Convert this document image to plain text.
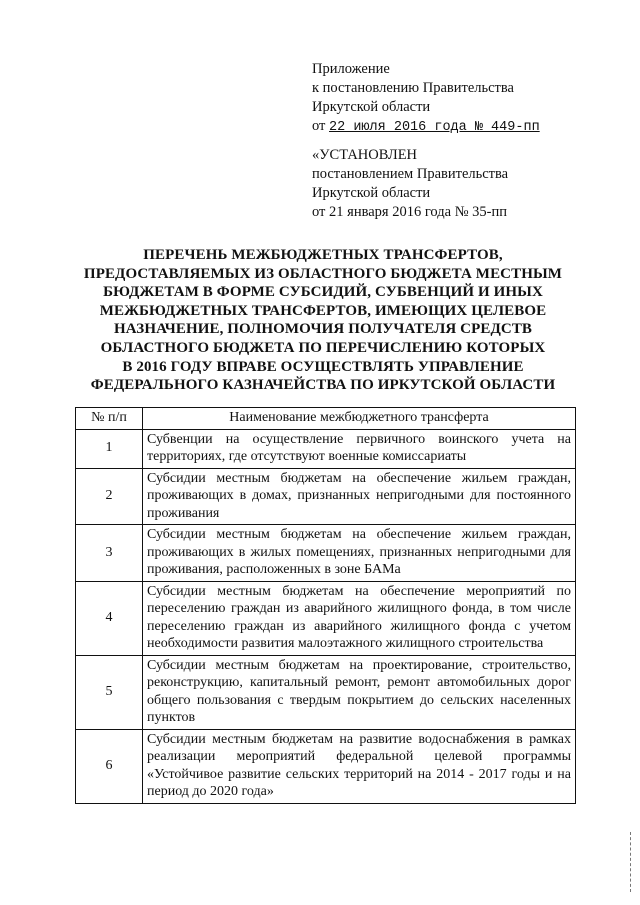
Приложение
к постановлению Правительства
Иркутской области
от 22 июля 2016 года № 449-пп
«УСТАНОВЛЕН
постановлением Правительства
Иркутской области
от 21 января 2016 года № 35-пп
ПЕРЕЧЕНЬ МЕЖБЮДЖЕТНЫХ ТРАНСФЕРТОВ,
ПРЕДОСТАВЛЯЕМЫХ ИЗ ОБЛАСТНОГО БЮДЖЕТА МЕСТНЫМ
БЮДЖЕТАМ В ФОРМЕ СУБСИДИЙ, СУБВЕНЦИЙ И ИНЫХ
МЕЖБЮДЖЕТНЫХ ТРАНСФЕРТОВ, ИМЕЮЩИХ ЦЕЛЕВОЕ
НАЗНАЧЕНИЕ, ПОЛНОМОЧИЯ ПОЛУЧАТЕЛЯ СРЕДСТВ
ОБЛАСТНОГО БЮДЖЕТА ПО ПЕРЕЧИСЛЕНИЮ КОТОРЫХ
В 2016 ГОДУ ВПРАВЕ ОСУЩЕСТВЛЯТЬ УПРАВЛЕНИЕ
ФЕДЕРАЛЬНОГО КАЗНАЧЕЙСТВА ПО ИРКУТСКОЙ ОБЛАСТИ
№ п/п	Наименование межбюджетного трансферта
1	Субвенции на осуществление первичного воинского учета на территориях, где отсутствуют военные комиссариаты
2	Субсидии местным бюджетам на обеспечение жильем граждан, проживающих в домах, признанных непригодными для постоянного проживания
3	Субсидии местным бюджетам на обеспечение жильем граждан, проживающих в жилых помещениях, признанных непригодными для проживания, расположенных в зоне БАМа
4	Субсидии местным бюджетам на обеспечение мероприятий по переселению граждан из аварийного жилищного фонда, в том числе переселению граждан из аварийного жилищного фонда с учетом необходимости развития малоэтажного жилищного строительства
5	Субсидии местным бюджетам на проектирование, строительство, реконструкцию, капитальный ремонт, ремонт автомобильных дорог общего пользования с твердым покрытием до сельских населенных пунктов
6	Субсидии местным бюджетам на развитие водоснабжения в рамках реализации мероприятий федеральной целевой программы «Устойчивое развитие сельских территорий на 2014 - 2017 годы и на период до 2020 года»
